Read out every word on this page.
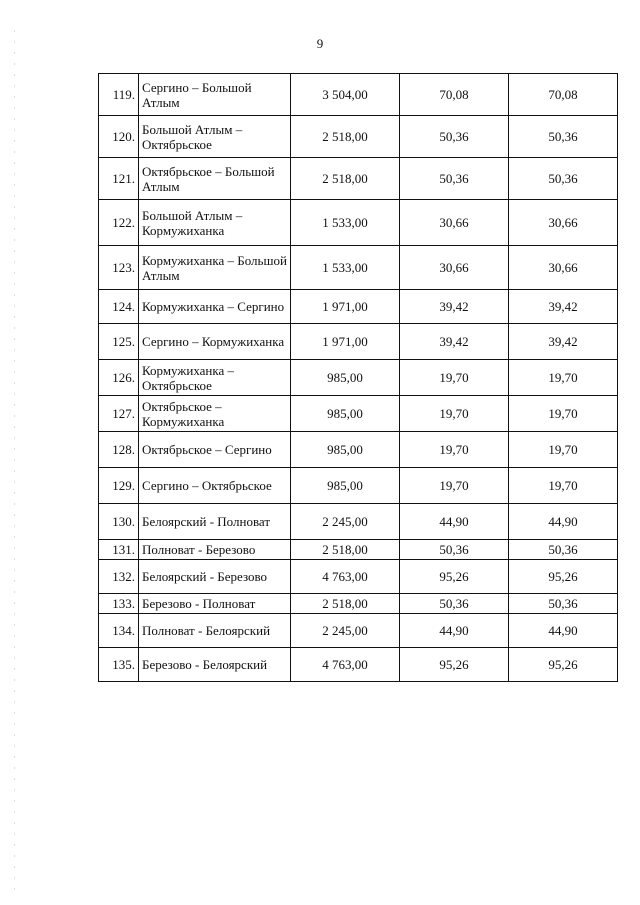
9
119.	Сергино – Большой Атлым	3 504,00	70,08	70,08
120.	Большой Атлым – Октябрьское	2 518,00	50,36	50,36
121.	Октябрьское – Большой Атлым	2 518,00	50,36	50,36
122.	Большой Атлым – Кормужиханка	1 533,00	30,66	30,66
123.	Кормужиханка – Большой Атлым	1 533,00	30,66	30,66
124.	Кормужиханка – Сергино	1 971,00	39,42	39,42
125.	Сергино – Кормужиханка	1 971,00	39,42	39,42
126.	Кормужиханка – Октябрьское	985,00	19,70	19,70
127.	Октябрьское – Кормужиханка	985,00	19,70	19,70
128.	Октябрьское – Сергино	985,00	19,70	19,70
129.	Сергино – Октябрьское	985,00	19,70	19,70
130.	Белоярский - Полноват	2 245,00	44,90	44,90
131.	Полноват - Березово	2 518,00	50,36	50,36
132.	Белоярский - Березово	4 763,00	95,26	95,26
133.	Березово - Полноват	2 518,00	50,36	50,36
134.	Полноват - Белоярский	2 245,00	44,90	44,90
135.	Березово - Белоярский	4 763,00	95,26	95,26
